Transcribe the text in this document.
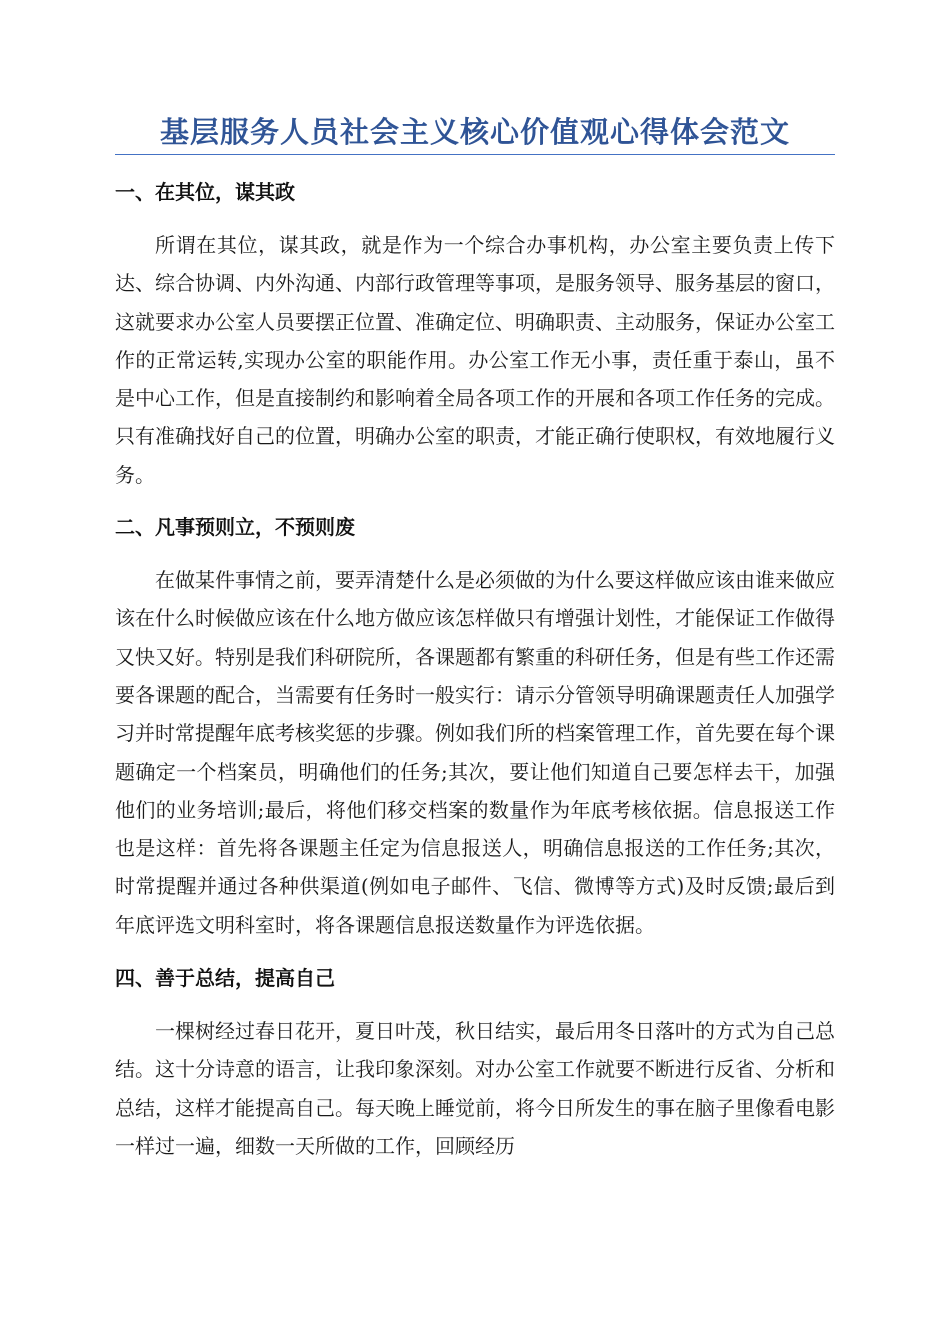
基层服务人员社会主义核心价值观心得体会范文
一、在其位，谋其政

所谓在其位，谋其政，就是作为一个综合办事机构，办公室主要负责上传下达、综合协调、内外沟通、内部行政管理等事项，是服务领导、服务基层的窗口，这就要求办公室人员要摆正位置、准确定位、明确职责、主动服务，保证办公室工作的正常运转,实现办公室的职能作用。办公室工作无小事，责任重于泰山，虽不是中心工作，但是直接制约和影响着全局各项工作的开展和各项工作任务的完成。只有准确找好自己的位置，明确办公室的职责，才能正确行使职权，有效地履行义务。

二、凡事预则立，不预则废

在做某件事情之前，要弄清楚什么是必须做的为什么要这样做应该由谁来做应该在什么时候做应该在什么地方做应该怎样做只有增强计划性，才能保证工作做得又快又好。特别是我们科研院所，各课题都有繁重的科研任务，但是有些工作还需要各课题的配合，当需要有任务时一般实行：请示分管领导明确课题责任人加强学习并时常提醒年底考核奖惩的步骤。例如我们所的档案管理工作，首先要在每个课题确定一个档案员，明确他们的任务;其次，要让他们知道自己要怎样去干，加强他们的业务培训;最后，将他们移交档案的数量作为年底考核依据。信息报送工作也是这样：首先将各课题主任定为信息报送人，明确信息报送的工作任务;其次，时常提醒并通过各种供渠道(例如电子邮件、飞信、微博等方式)及时反馈;最后到年底评选文明科室时，将各课题信息报送数量作为评选依据。

四、善于总结，提高自己

一棵树经过春日花开，夏日叶茂，秋日结实，最后用冬日落叶的方式为自己总结。这十分诗意的语言，让我印象深刻。对办公室工作就要不断进行反省、分析和总结，这样才能提高自己。每天晚上睡觉前，将今日所发生的事在脑子里像看电影一样过一遍，细数一天所做的工作，回顾经历
